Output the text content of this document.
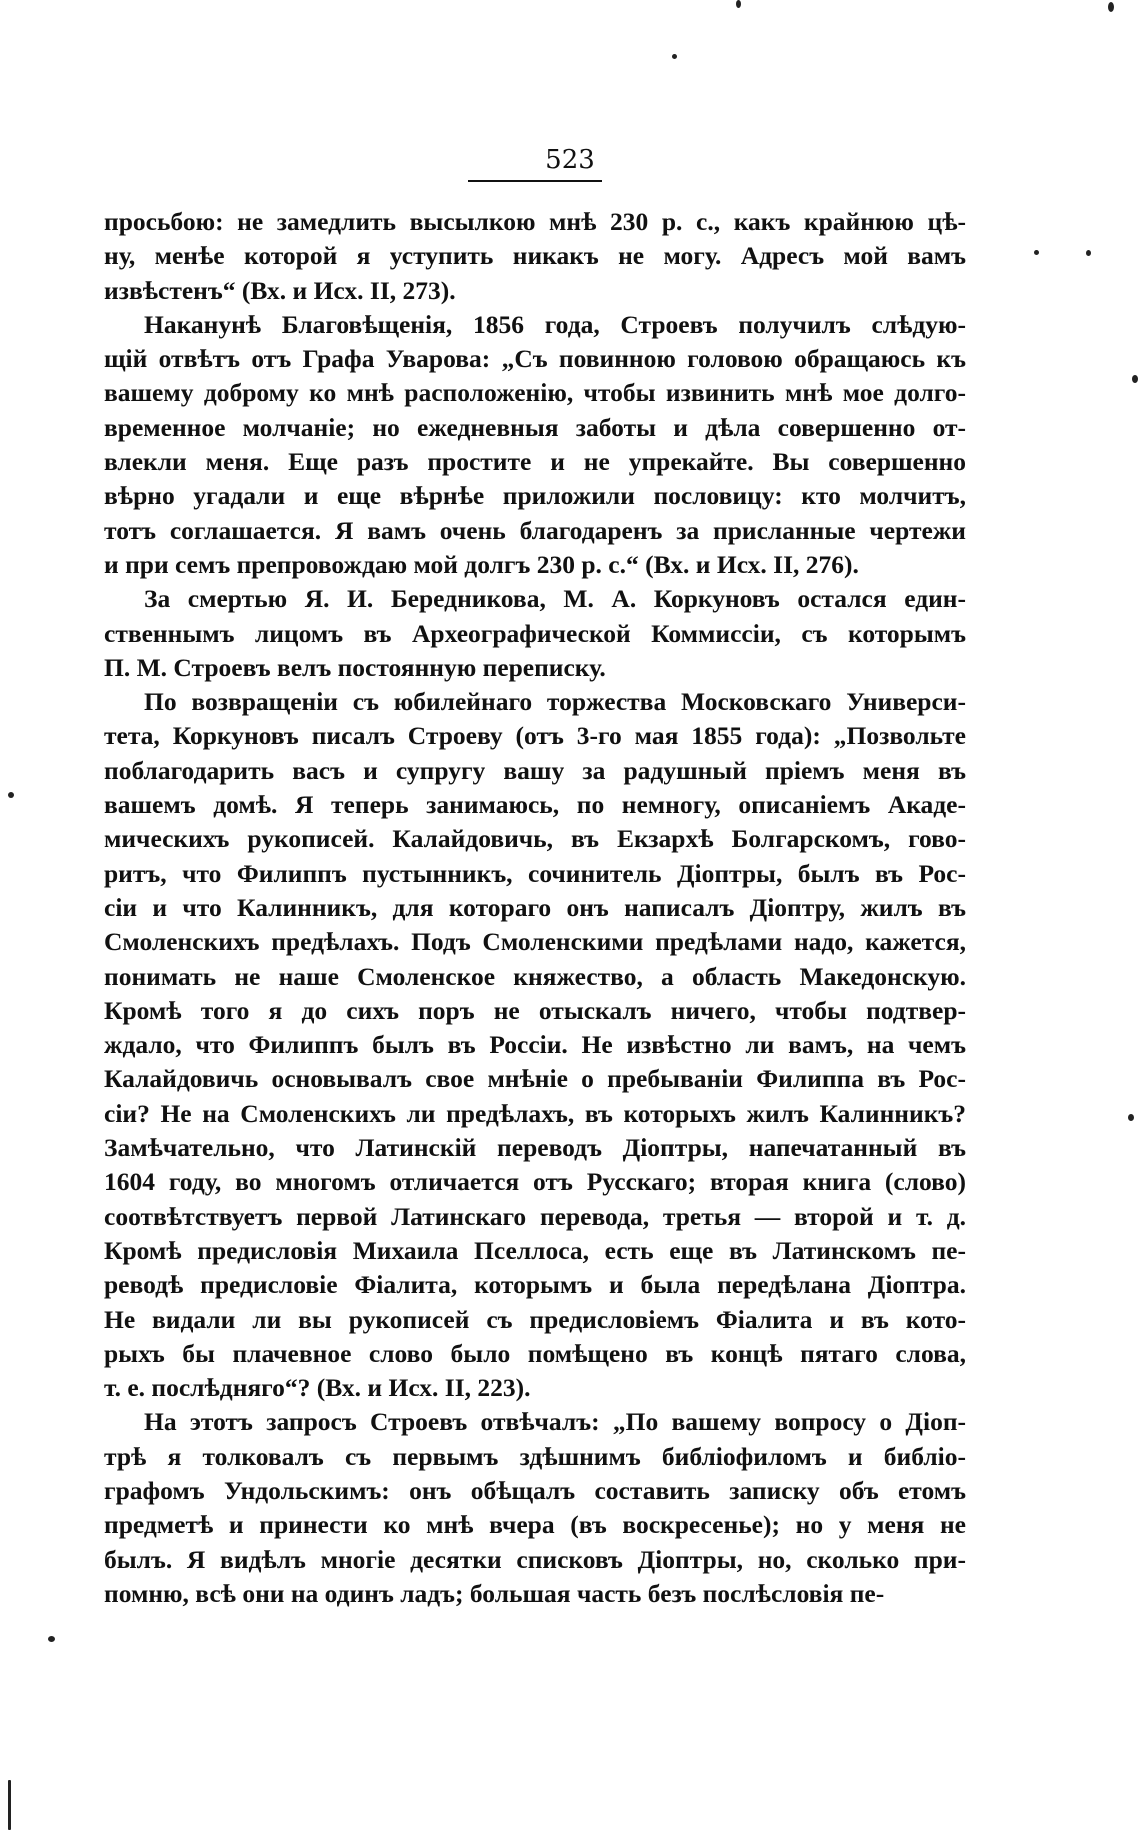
523
просьбою: не замедлить высылкою мнѣ 230 р. с., какъ крайнюю цѣ-
ну, менѣе которой я уступить никакъ не могу. Адресъ мой вамъ
извѣстенъ“ (Вх. и Исх. II, 273).
Наканунѣ Благовѣщенія, 1856 года, Строевъ получилъ слѣдую-
щій отвѣтъ отъ Графа Уварова: „Съ повинною головою обращаюсь къ
вашему доброму ко мнѣ расположенію, чтобы извинить мнѣ мое долго-
временное молчаніе; но ежедневныя заботы и дѣла совершенно от-
влекли меня. Еще разъ простите и не упрекайте. Вы совершенно
вѣрно угадали и еще вѣрнѣе приложили пословицу: кто молчитъ,
тотъ соглашается. Я вамъ очень благодаренъ за присланные чертежи
и при семъ препровождаю мой долгъ 230 р. с.“ (Вх. и Исх. II, 276).
За смертью Я. И. Бередникова, М. А. Коркуновъ остался един-
ственнымъ лицомъ въ Археографической Коммиссіи, съ которымъ
П. М. Строевъ велъ постоянную переписку.
По возвращеніи съ юбилейнаго торжества Московскаго Универси-
тета, Коркуновъ писалъ Строеву (отъ 3-го мая 1855 года): „Позвольте
поблагодарить васъ и супругу вашу за радушный пріемъ меня въ
вашемъ домѣ. Я теперь занимаюсь, по немногу, описаніемъ Акаде-
мическихъ рукописей. Калайдовичь, въ Екзархѣ Болгарскомъ, гово-
ритъ, что Филиппъ пустынникъ, сочинитель Діоптры, былъ въ Рос-
сіи и что Калинникъ, для котораго онъ написалъ Діоптру, жилъ въ
Смоленскихъ предѣлахъ. Подъ Смоленскими предѣлами надо, кажется,
понимать не наше Смоленское княжество, а область Македонскую.
Кромѣ того я до сихъ поръ не отыскалъ ничего, чтобы подтвер-
ждало, что Филиппъ былъ въ Россіи. Не извѣстно ли вамъ, на чемъ
Калайдовичь основывалъ свое мнѣніе о пребываніи Филиппа въ Рос-
сіи? Не на Смоленскихъ ли предѣлахъ, въ которыхъ жилъ Калинникъ?
Замѣчательно, что Латинскій переводъ Діоптры, напечатанный въ
1604 году, во многомъ отличается отъ Русскаго; вторая книга (слово)
соотвѣтствуетъ первой Латинскаго перевода, третья — второй и т. д.
Кромѣ предисловія Михаила Пселлоса, есть еще въ Латинскомъ пе-
реводѣ предисловіе Фіалита, которымъ и была передѣлана Діоптра.
Не видали ли вы рукописей съ предисловіемъ Фіалита и въ кото-
рыхъ бы плачевное слово было помѣщено въ концѣ пятаго слова,
т. е. послѣдняго“? (Вх. и Исх. II, 223).
На этотъ запросъ Строевъ отвѣчалъ: „По вашему вопросу о Діоп-
трѣ я толковалъ съ первымъ здѣшнимъ библіофиломъ и библіо-
графомъ Ундольскимъ: онъ обѣщалъ составить записку объ етомъ
предметѣ и принести ко мнѣ вчера (въ воскресенье); но у меня не
былъ. Я видѣлъ многіе десятки списковъ Діоптры, но, сколько при-
помню, всѣ они на одинъ ладъ; большая часть безъ послѣсловія пе-
